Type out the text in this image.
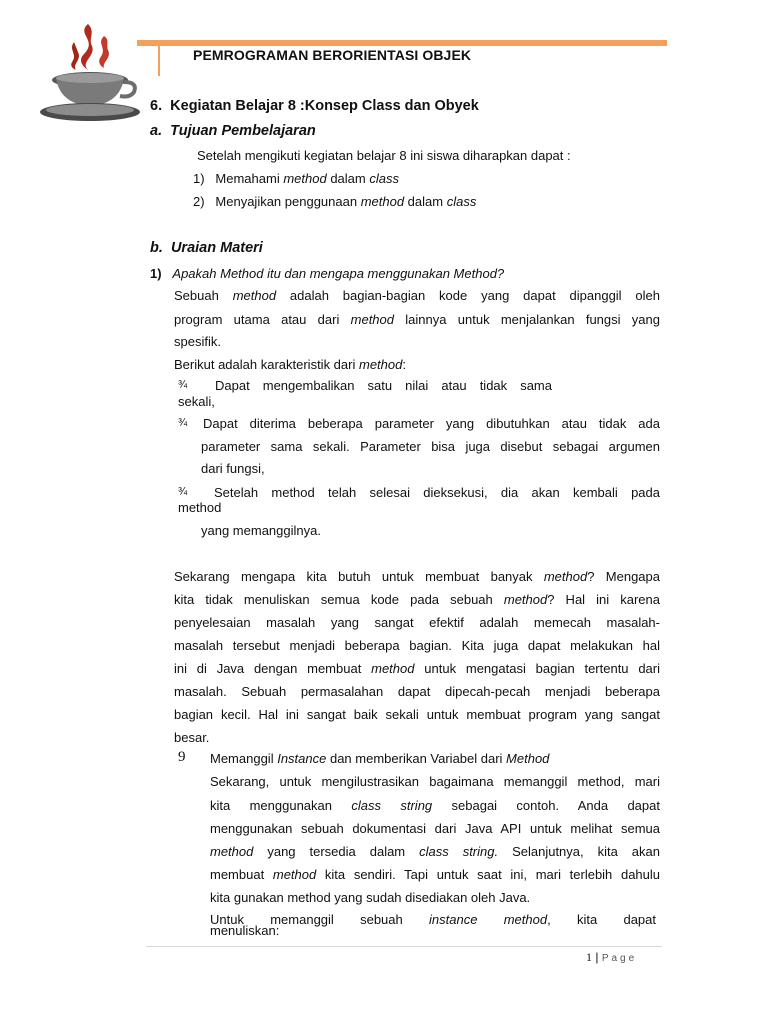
PEMROGRAMAN BERORIENTASI OBJEK
6. Kegiatan Belajar 8 :Konsep Class dan Obyek
a. Tujuan Pembelajaran
Setelah mengikuti kegiatan belajar 8 ini siswa diharapkan dapat :
1) Memahami method dalam class
2) Menyajikan penggunaan method dalam class
b. Uraian Materi
1) Apakah Method itu dan mengapa menggunakan Method?
Sebuah method adalah bagian-bagian kode yang dapat dipanggil oleh
program utama atau dari method lainnya untuk menjalankan fungsi yang
spesifik.
Berikut adalah karakteristik dari method:
¾ Dapat mengembalikan satu nilai atau tidak sama
sekali,
¾ Dapat diterima beberapa parameter yang dibutuhkan atau tidak ada
parameter sama sekali. Parameter bisa juga disebut sebagai argumen
dari fungsi,
¾ Setelah method telah selesai dieksekusi, dia akan kembali pada
method
yang memanggilnya.
Sekarang mengapa kita butuh untuk membuat banyak method? Mengapa
kita tidak menuliskan semua kode pada sebuah method? Hal ini karena
penyelesaian masalah yang sangat efektif adalah memecah masalah-
masalah tersebut menjadi beberapa bagian. Kita juga dapat melakukan hal
ini di Java dengan membuat method untuk mengatasi bagian tertentu dari
masalah. Sebuah permasalahan dapat dipecah-pecah menjadi beberapa
bagian kecil. Hal ini sangat baik sekali untuk membuat program yang sangat
besar.
9 Memanggil Instance dan memberikan Variabel dari Method
Sekarang, untuk mengilustrasikan bagaimana memanggil method, mari
kita menggunakan class string sebagai contoh. Anda dapat
menggunakan sebuah dokumentasi dari Java API untuk melihat semua
method yang tersedia dalam class string. Selanjutnya, kita akan
membuat method kita sendiri. Tapi untuk saat ini, mari terlebih dahulu
kita gunakan method yang sudah disediakan oleh Java.
Untuk memanggil sebuah instance method, kita dapat
menuliskan:
1 | Page
